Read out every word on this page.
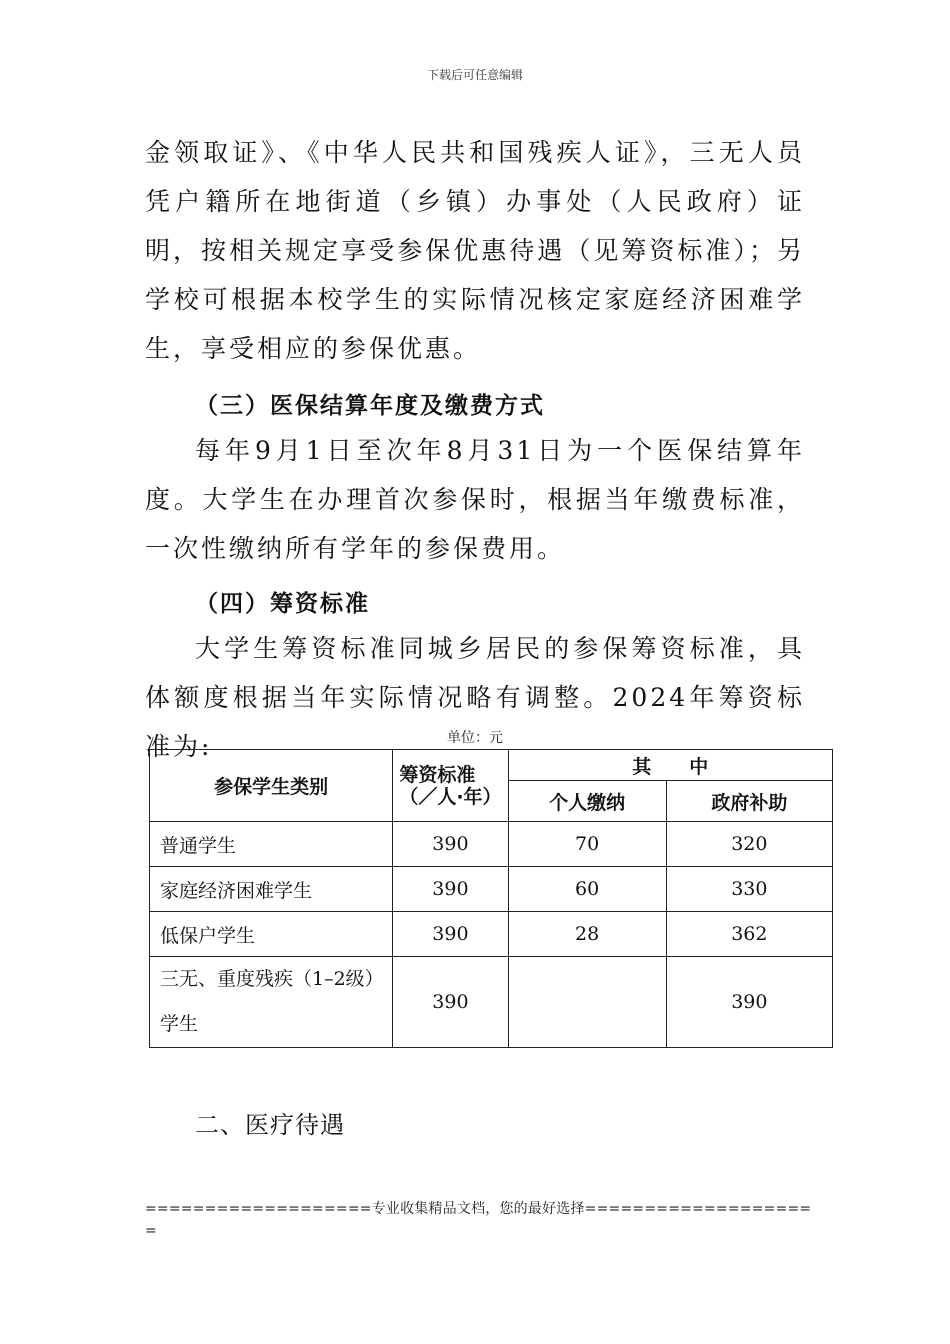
下载后可任意编辑
金领取证》、《中华人民共和国残疾人证》，三无人员凭户籍所在地街道（乡镇）办事处（人民政府）证明，按相关规定享受参保优惠待遇（见筹资标准）；另学校可根据本校学生的实际情况核定家庭经济困难学生，享受相应的参保优惠。
（三）医保结算年度及缴费方式
每年9月1日至次年8月31日为一个医保结算年度。大学生在办理首次参保时，根据当年缴费标准，一次性缴纳所有学年的参保费用。
（四）筹资标准
大学生筹资标准同城乡居民的参保筹资标准，具体额度根据当年实际情况略有调整。2024年筹资标准为:	单位：元
参保学生类别	筹资标准（／人·年）	其　　中	
		个人缴纳	政府补助
普通学生	390	70	320
家庭经济困难学生	390	60	330
低保户学生	390	28	362
三无、重度残疾（1–2级）学生	390		390
二、医疗待遇
===================专业收集精品文档，您的最好选择====================
